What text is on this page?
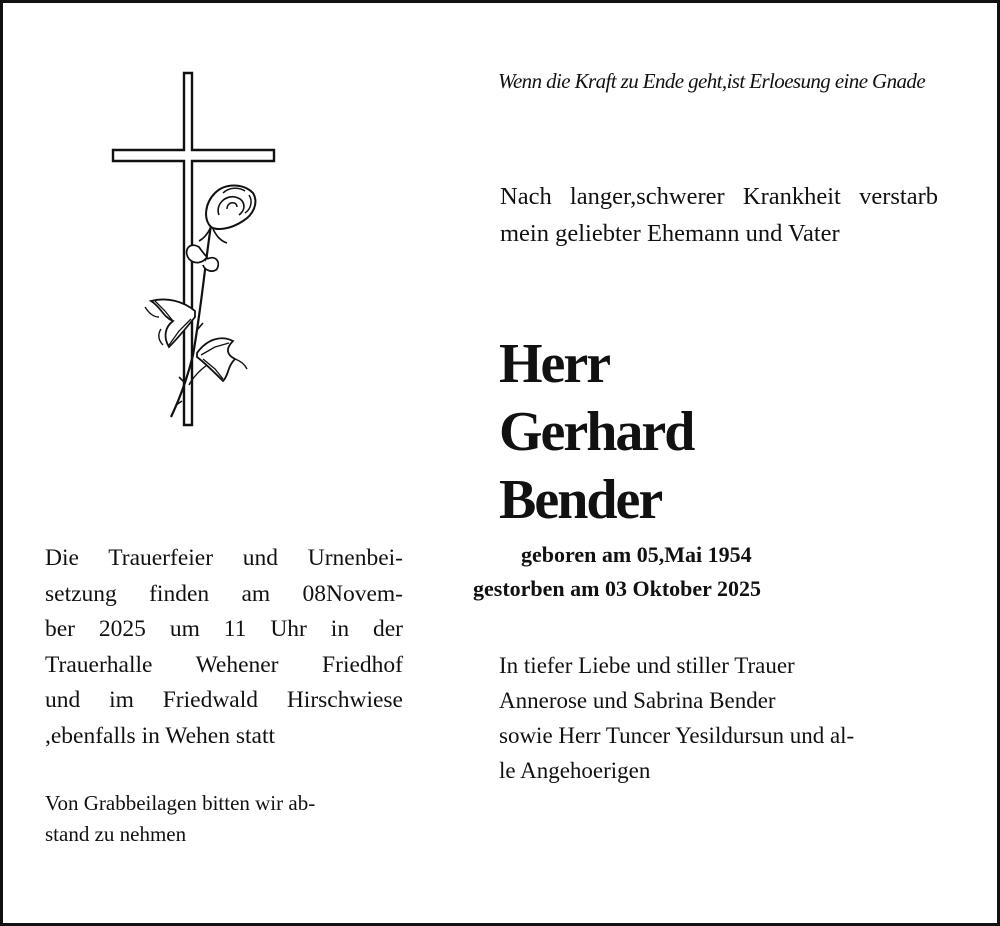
Wenn die Kraft zu Ende geht,ist Erloesung eine Gnade
Nach langer,schwerer Krankheit verstarb mein geliebter Ehemann und Vater
Herr
Gerhard
Bender
geboren am 05,Mai 1954
gestorben am 03 Oktober 2025
In tiefer Liebe und stiller Trauer
Annerose und Sabrina Bender
sowie Herr Tuncer Yesildursun und al-
le Angehoerigen
Die Trauerfeier und Urnenbei-
setzung finden am 08Novem-
ber 2025 um 11 Uhr in der
Trauerhalle Wehener Friedhof
und im Friedwald Hirschwiese
,ebenfalls in Wehen statt
Von Grabbeilagen bitten wir ab-
stand zu nehmen
